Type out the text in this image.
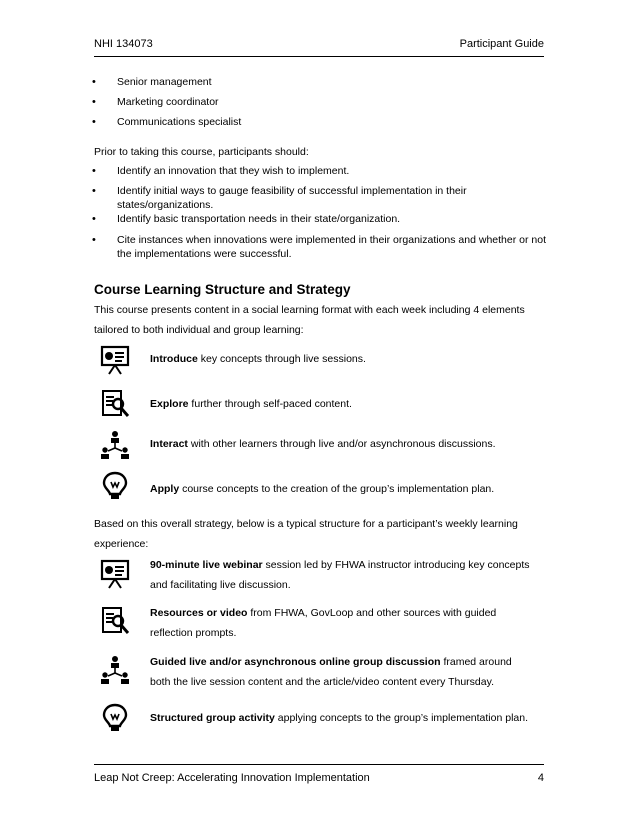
NHI 134073	Participant Guide
• Senior management
• Marketing coordinator
• Communications specialist
Prior to taking this course, participants should:
• Identify an innovation that they wish to implement.
• Identify initial ways to gauge feasibility of successful implementation in their states/organizations.
• Identify basic transportation needs in their state/organization.
• Cite instances when innovations were implemented in their organizations and whether or not the implementations were successful.
Course Learning Structure and Strategy
This course presents content in a social learning format with each week including 4 elements tailored to both individual and group learning:
Introduce key concepts through live sessions.
Explore further through self-paced content.
Interact with other learners through live and/or asynchronous discussions.
Apply course concepts to the creation of the group’s implementation plan.
Based on this overall strategy, below is a typical structure for a participant’s weekly learning experience:
90-minute live webinar session led by FHWA instructor introducing key concepts and facilitating live discussion.
Resources or video from FHWA, GovLoop and other sources with guided reflection prompts.
Guided live and/or asynchronous online group discussion framed around both the live session content and the article/video content every Thursday.
Structured group activity applying concepts to the group’s implementation plan.
Leap Not Creep: Accelerating Innovation Implementation	4
